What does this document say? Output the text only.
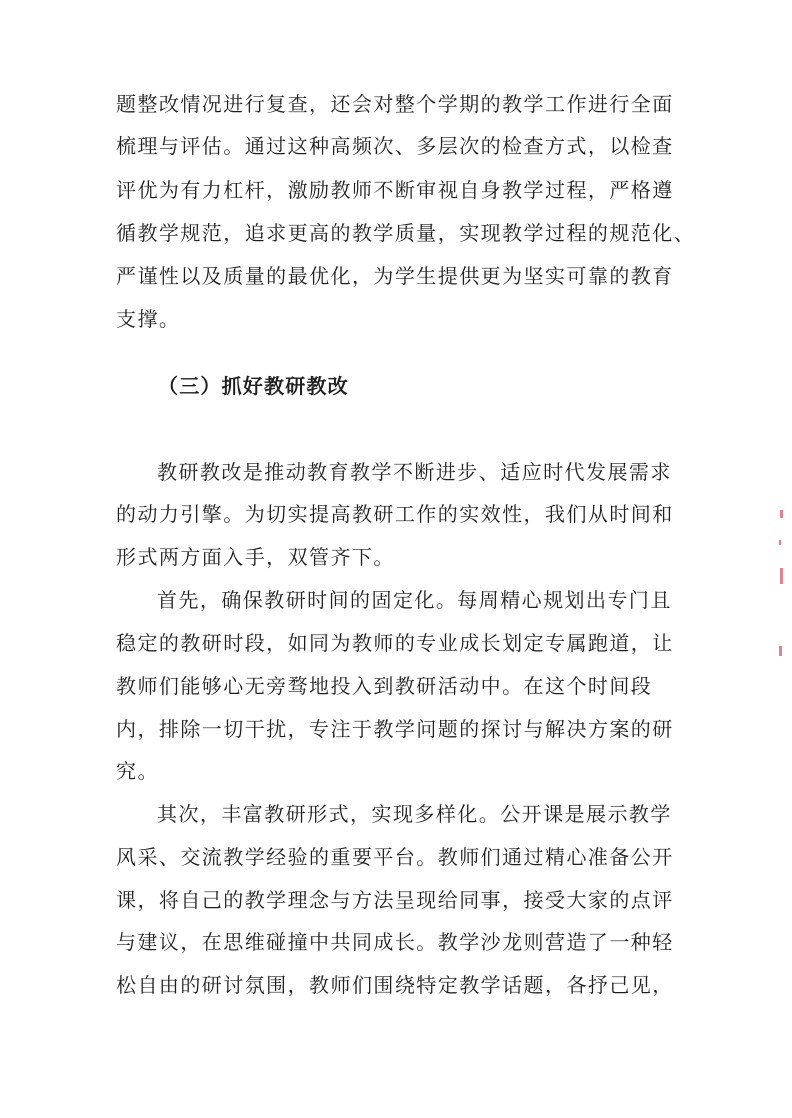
题整改情况进行复查，还会对整个学期的教学工作进行全面
梳理与评估。通过这种高频次、多层次的检查方式，以检查
评优为有力杠杆，激励教师不断审视自身教学过程，严格遵
循教学规范，追求更高的教学质量，实现教学过程的规范化、
严谨性以及质量的最优化，为学生提供更为坚实可靠的教育
支撑。
（三）抓好教研教改
教研教改是推动教育教学不断进步、适应时代发展需求
的动力引擎。为切实提高教研工作的实效性，我们从时间和
形式两方面入手，双管齐下。
首先，确保教研时间的固定化。每周精心规划出专门且
稳定的教研时段，如同为教师的专业成长划定专属跑道，让
教师们能够心无旁骛地投入到教研活动中。在这个时间段
内，排除一切干扰，专注于教学问题的探讨与解决方案的研
究。
其次，丰富教研形式，实现多样化。公开课是展示教学
风采、交流教学经验的重要平台。教师们通过精心准备公开
课，将自己的教学理念与方法呈现给同事，接受大家的点评
与建议，在思维碰撞中共同成长。教学沙龙则营造了一种轻
松自由的研讨氛围，教师们围绕特定教学话题，各抒己见，
